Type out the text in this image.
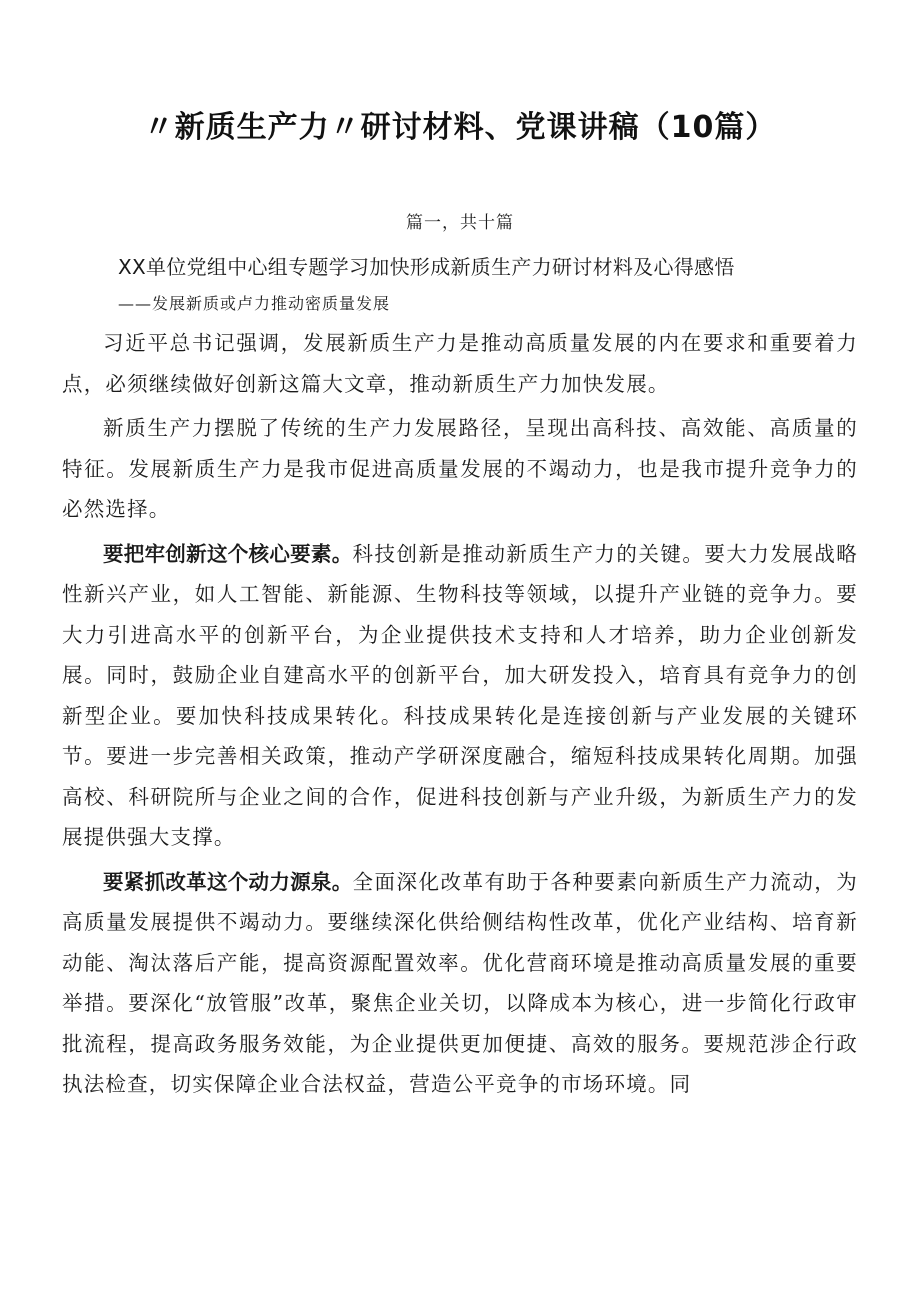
〃新质生产力〃研讨材料、党课讲稿（10篇）
篇一，共十篇
XX单位党组中心组专题学习加快形成新质生产力研讨材料及心得感悟
——发展新质或卢力推动密质量发展

习近平总书记强调，发展新质生产力是推动高质量发展的内在要求和重要着力点，必须继续做好创新这篇大文章，推动新质生产力加快发展。

新质生产力摆脱了传统的生产力发展路径，呈现出高科技、高效能、高质量的特征。发展新质生产力是我市促进高质量发展的不竭动力，也是我市提升竞争力的必然选择。

要把牢创新这个核心要素。科技创新是推动新质生产力的关键。要大力发展战略性新兴产业，如人工智能、新能源、生物科技等领域，以提升产业链的竞争力。要大力引进高水平的创新平台，为企业提供技术支持和人才培养，助力企业创新发展。同时，鼓励企业自建高水平的创新平台，加大研发投入，培育具有竞争力的创新型企业。要加快科技成果转化。科技成果转化是连接创新与产业发展的关键环节。要进一步完善相关政策，推动产学研深度融合，缩短科技成果转化周期。加强高校、科研院所与企业之间的合作，促进科技创新与产业升级，为新质生产力的发展提供强大支撑。

要紧抓改革这个动力源泉。全面深化改革有助于各种要素向新质生产力流动，为高质量发展提供不竭动力。要继续深化供给侧结构性改革，优化产业结构、培育新动能、淘汰落后产能，提高资源配置效率。优化营商环境是推动高质量发展的重要举措。要深化“放管服”改革，聚焦企业关切，以降成本为核心，进一步简化行政审批流程，提高政务服务效能，为企业提供更加便捷、高效的服务。要规范涉企行政执法检查，切实保障企业合法权益，营造公平竞争的市场环境。同
